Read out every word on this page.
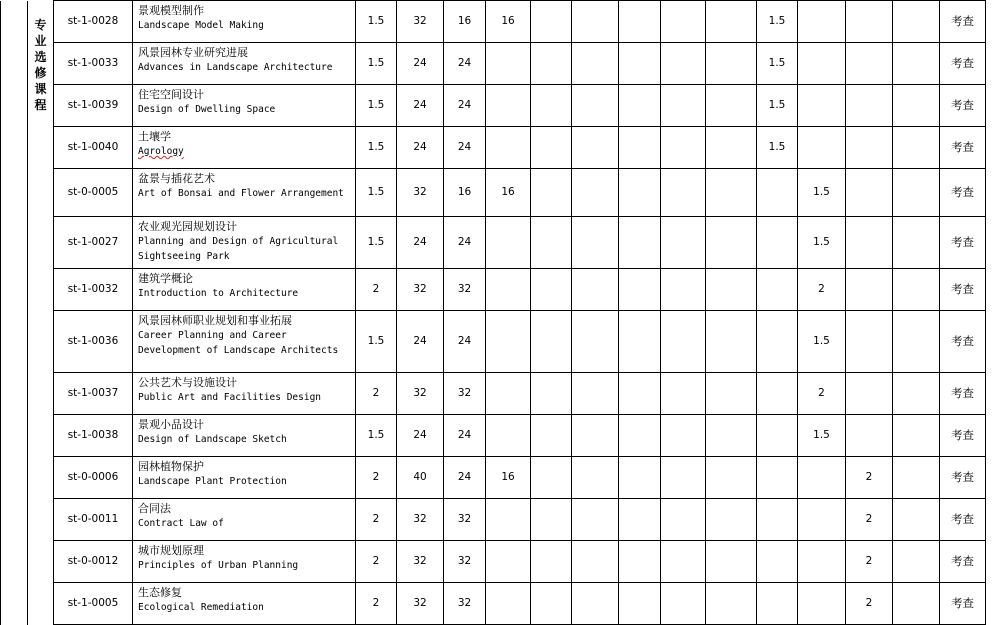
	专业选修课程	st-1-0028	景观模型制作
Landscape Model Making	1.5	32	16	16						1.5				考查
		st-1-0033	风景园林专业研究进展
Advances in Landscape Architecture	1.5	24	24							1.5				考查
		st-1-0039	住宅空间设计
Design of Dwelling Space	1.5	24	24							1.5				考查
		st-1-0040	土壤学
Agrology	1.5	24	24							1.5				考查
		st-0-0005	盆景与插花艺术
Art of Bonsai and Flower Arrangement	1.5	32	16	16							1.5			考查
		st-1-0027	农业观光园规划设计
Planning and Design of Agricultural Sightseeing Park	1.5	24	24								1.5			考查
		st-1-0032	建筑学概论
Introduction to Architecture	2	32	32								2			考查
		st-1-0036	风景园林师职业规划和事业拓展
Career Planning and Career Development of Landscape Architects	1.5	24	24								1.5			考查
		st-1-0037	公共艺术与设施设计
Public Art and Facilities Design	2	32	32								2			考查
		st-1-0038	景观小品设计
Design of Landscape Sketch	1.5	24	24								1.5			考查
		st-0-0006	园林植物保护
Landscape Plant Protection	2	40	24	16								2		考查
		st-0-0011	合同法
Contract Law of	2	32	32									2		考查
		st-0-0012	城市规划原理
Principles of Urban Planning	2	32	32									2		考查
		st-1-0005	生态修复
Ecological Remediation	2	32	32									2		考查
